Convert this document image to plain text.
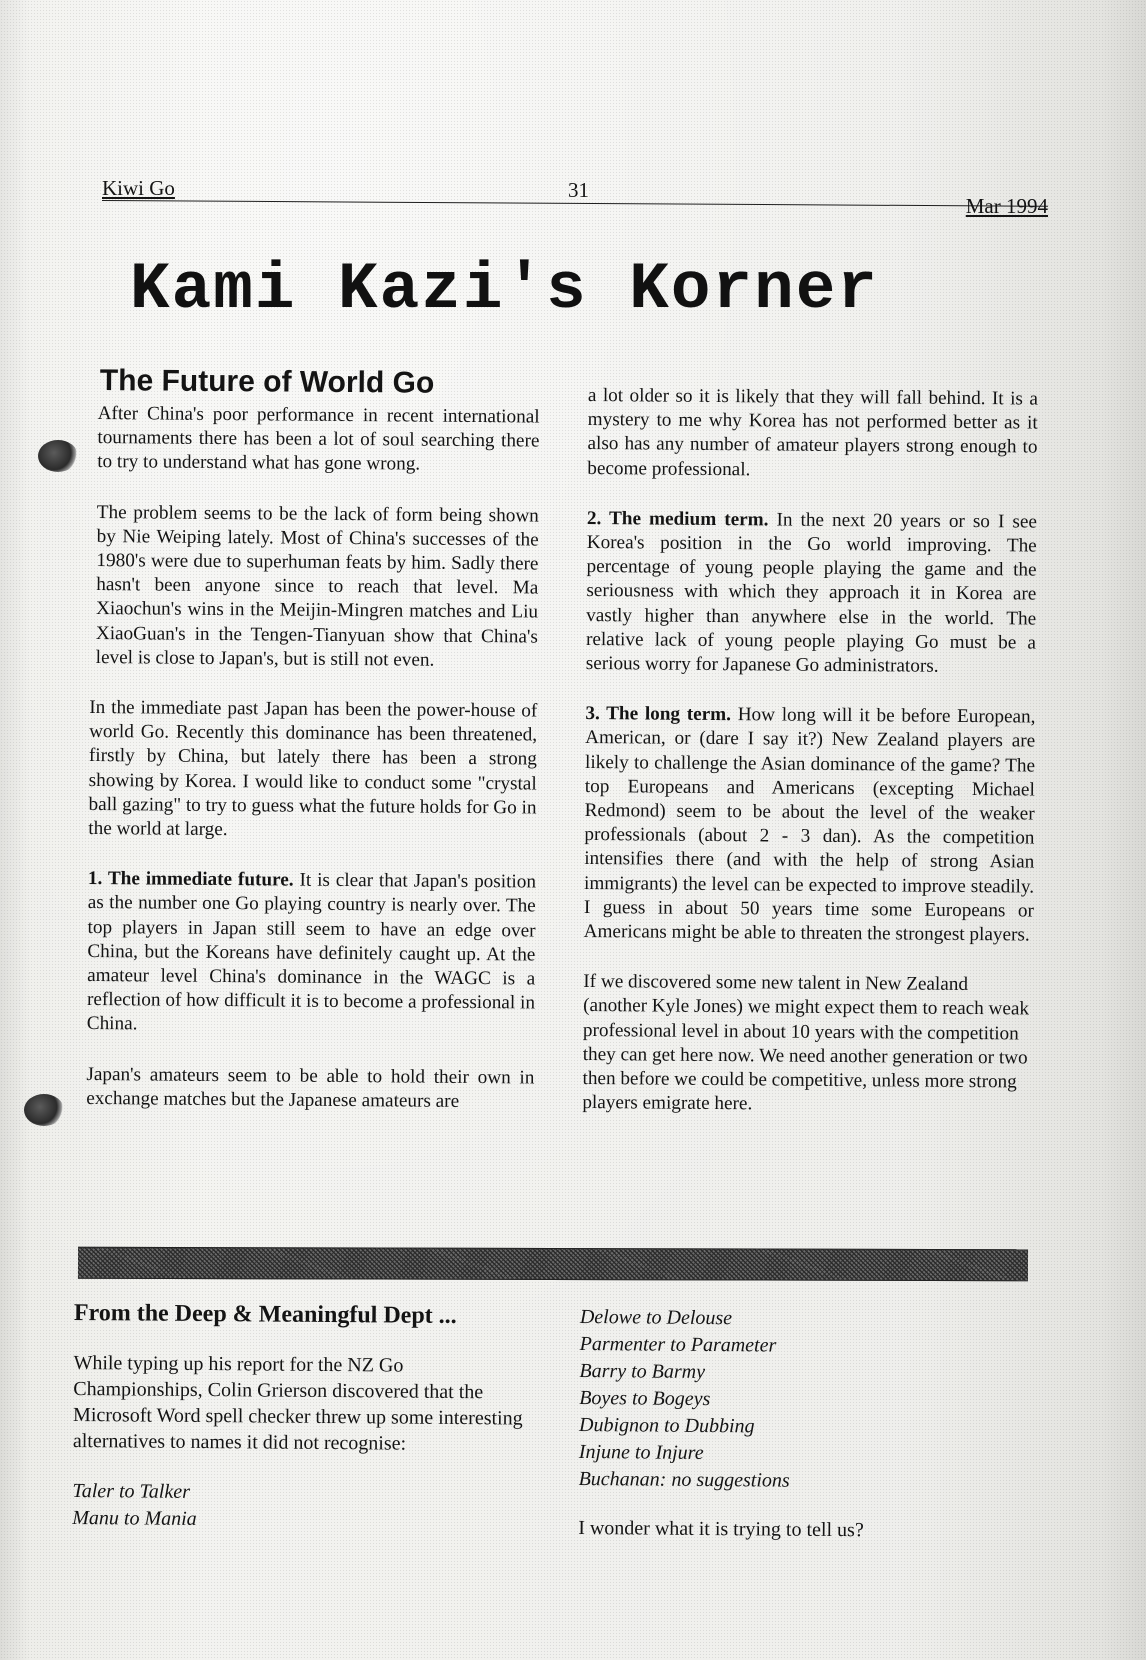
Kiwi Go	31
Mar 1994
Kami Kazi's Korner
The Future of World Go

After China's poor performance in recent international tournaments there has been a lot of soul searching there to try to understand what has gone wrong.

The problem seems to be the lack of form being shown by Nie Weiping lately. Most of China's successes of the 1980's were due to superhuman feats by him. Sadly there hasn't been anyone since to reach that level. Ma Xiaochun's wins in the Meijin-Mingren matches and Liu XiaoGuan's in the Tengen-Tianyuan show that China's level is close to Japan's, but is still not even.

In the immediate past Japan has been the power-house of world Go. Recently this dominance has been threatened, firstly by China, but lately there has been a strong showing by Korea. I would like to conduct some "crystal ball gazing" to try to guess what the future holds for Go in the world at large.

1. The immediate future. It is clear that Japan's position as the number one Go playing country is nearly over. The top players in Japan still seem to have an edge over China, but the Koreans have definitely caught up. At the amateur level China's dominance in the WAGC is a reflection of how difficult it is to become a professional in China.

Japan's amateurs seem to be able to hold their own in exchange matches but the Japanese amateurs are

a lot older so it is likely that they will fall behind. It is a mystery to me why Korea has not performed better as it also has any number of amateur players strong enough to become professional.

2. The medium term. In the next 20 years or so I see Korea's position in the Go world improving. The percentage of young people playing the game and the seriousness with which they approach it in Korea are vastly higher than anywhere else in the world. The relative lack of young people playing Go must be a serious worry for Japanese Go administrators.

3. The long term. How long will it be before European, American, or (dare I say it?) New Zealand players are likely to challenge the Asian dominance of the game? The top Europeans and Americans (excepting Michael Redmond) seem to be about the level of the weaker professionals (about 2 - 3 dan). As the competition intensifies there (and with the help of strong Asian immigrants) the level can be expected to improve steadily. I guess in about 50 years time some Europeans or Americans might be able to threaten the strongest players.

If we discovered some new talent in New Zealand (another Kyle Jones) we might expect them to reach weak professional level in about 10 years with the competition they can get here now. We need another generation or two then before we could be competitive, unless more strong players emigrate here.

From the Deep & Meaningful Dept ...

While typing up his report for the NZ Go Championships, Colin Grierson discovered that the Microsoft Word spell checker threw up some interesting alternatives to names it did not recognise:

Taler to Talker
Manu to Mania
Delowe to Delouse
Parmenter to Parameter
Barry to Barmy
Boyes to Bogeys
Dubignon to Dubbing
Injune to Injure
Buchanan: no suggestions
I wonder what it is trying to tell us?
